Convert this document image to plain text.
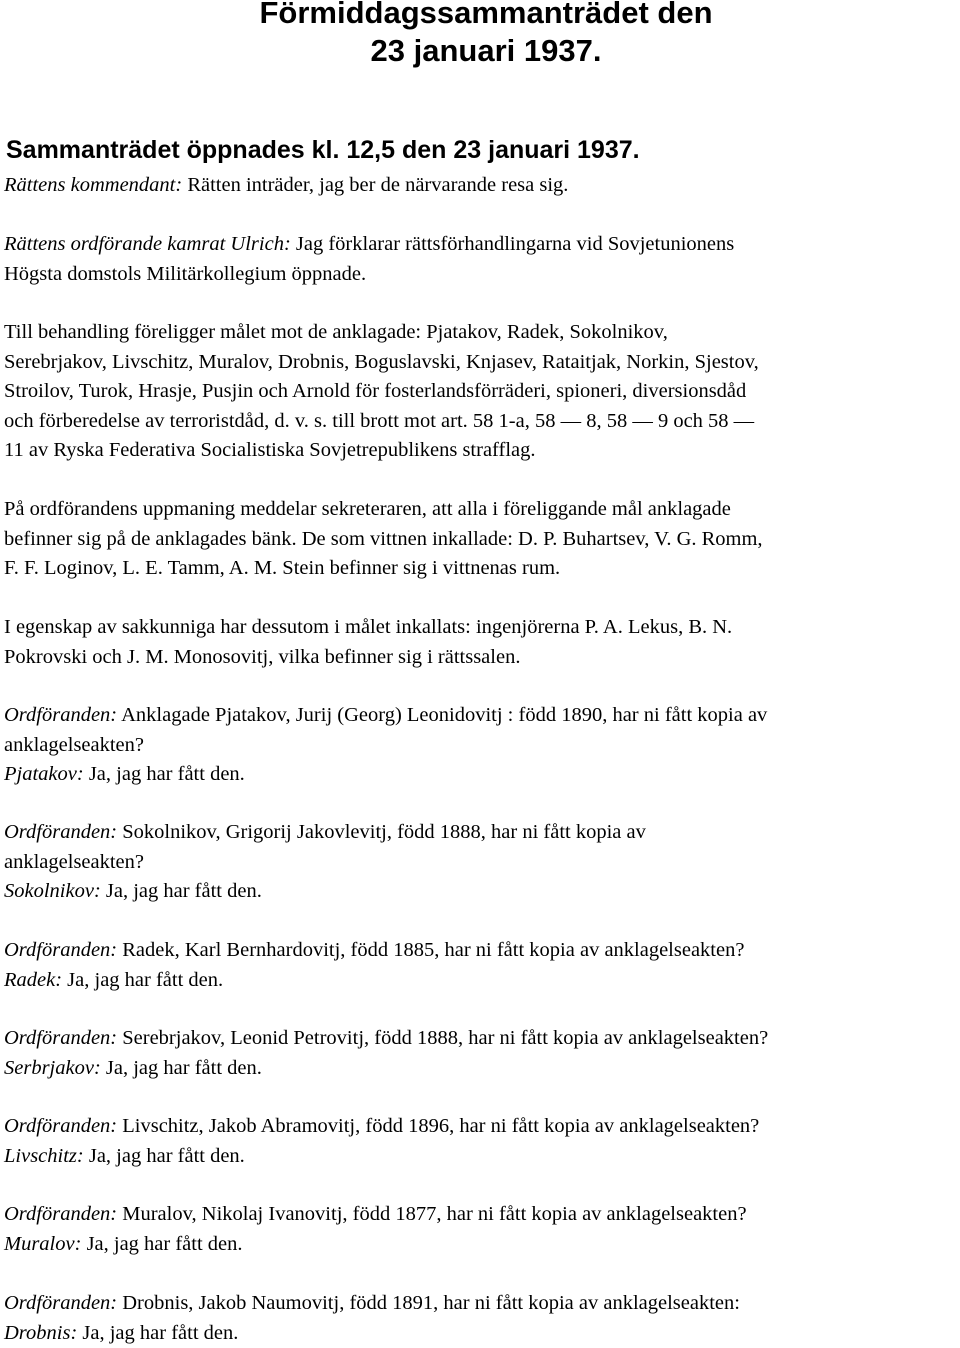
Förmiddagssammanträdet den
23 januari 1937.
Sammanträdet öppnades kl. 12,5 den 23 januari 1937.
Rättens kommendant: Rätten inträder, jag ber de närvarande resa sig.
Rättens ordförande kamrat Ulrich: Jag förklarar rättsförhandlingarna vid Sovjetunionens
Högsta domstols Militärkollegium öppnade.
Till behandling föreligger målet mot de anklagade: Pjatakov, Radek, Sokolnikov,
Serebrjakov, Livschitz, Muralov, Drobnis, Boguslavski, Knjasev, Rataitjak, Norkin, Sjestov,
Stroilov, Turok, Hrasje, Pusjin och Arnold för fosterlandsförräderi, spioneri, diversionsdåd
och förberedelse av terroristdåd, d. v. s. till brott mot art. 58 1-a, 58 — 8, 58 — 9 och 58 —
11 av Ryska Federativa Socialistiska Sovjetrepublikens strafflag.
På ordförandens uppmaning meddelar sekreteraren, att alla i föreliggande mål anklagade
befinner sig på de anklagades bänk. De som vittnen inkallade: D. P. Buhartsev, V. G. Romm,
F. F. Loginov, L. E. Tamm, A. M. Stein befinner sig i vittnenas rum.
I egenskap av sakkunniga har dessutom i målet inkallats: ingenjörerna P. A. Lekus, B. N.
Pokrovski och J. M. Monosovitj, vilka befinner sig i rättssalen.
Ordföranden: Anklagade Pjatakov, Jurij (Georg) Leonidovitj : född 1890, har ni fått kopia av
anklagelseakten?
Pjatakov: Ja, jag har fått den.
Ordföranden: Sokolnikov, Grigorij Jakovlevitj, född 1888, har ni fått kopia av
anklagelseakten?
Sokolnikov: Ja, jag har fått den.
Ordföranden: Radek, Karl Bernhardovitj, född 1885, har ni fått kopia av anklagelseakten?
Radek: Ja, jag har fått den.
Ordföranden: Serebrjakov, Leonid Petrovitj, född 1888, har ni fått kopia av anklagelseakten?
Serbrjakov: Ja, jag har fått den.
Ordföranden: Livschitz, Jakob Abramovitj, född 1896, har ni fått kopia av anklagelseakten?
Livschitz: Ja, jag har fått den.
Ordföranden: Muralov, Nikolaj Ivanovitj, född 1877, har ni fått kopia av anklagelseakten?
Muralov: Ja, jag har fått den.
Ordföranden: Drobnis, Jakob Naumovitj, född 1891, har ni fått kopia av anklagelseakten:
Drobnis: Ja, jag har fått den.
